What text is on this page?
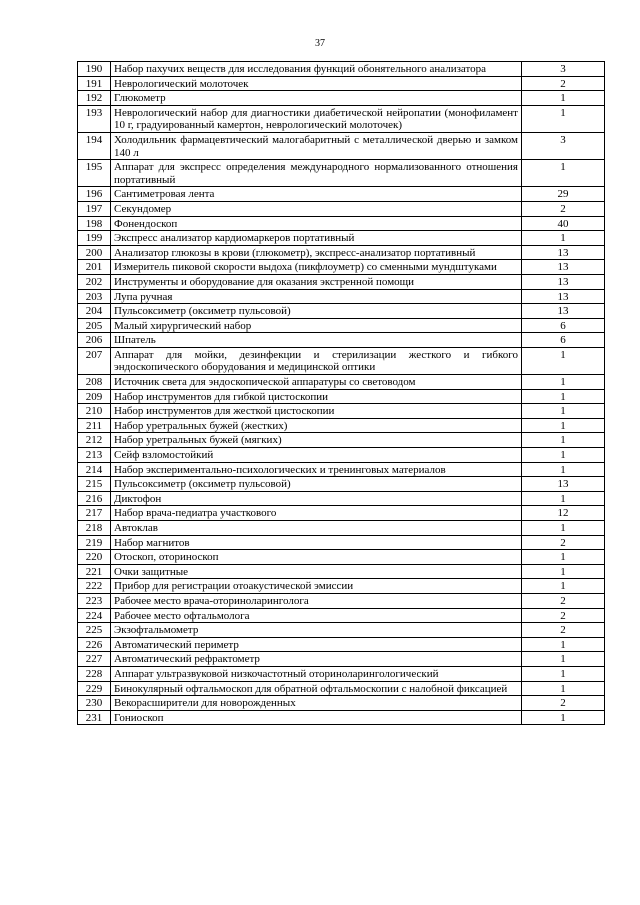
37
190	Набор пахучих веществ для исследования функций обонятельного анализатора	3
191	Неврологический молоточек	2
192	Глюкометр	1
193	Неврологический набор для диагностики диабетической нейропатии (монофиламент 10 г, градуированный камертон, неврологический молоточек)	1
194	Холодильник фармацевтический малогабаритный с металлической дверью и замком 140 л	3
195	Аппарат для экспресс определения международного нормализованного отношения портативный	1
196	Сантиметровая лента	29
197	Секундомер	2
198	Фонендоскоп	40
199	Экспресс анализатор кардиомаркеров портативный	1
200	Анализатор глюкозы в крови (глюкометр), экспресс-анализатор портативный	13
201	Измеритель пиковой скорости выдоха (пикфлоуметр) со сменными мундштуками	13
202	Инструменты и оборудование для оказания экстренной помощи	13
203	Лупа ручная	13
204	Пульсоксиметр (оксиметр пульсовой)	13
205	Малый хирургический набор	6
206	Шпатель	6
207	Аппарат для мойки, дезинфекции и стерилизации жесткого и гибкого эндоскопического оборудования и медицинской оптики	1
208	Источник света для эндоскопической аппаратуры со световодом	1
209	Набор инструментов для гибкой цистоскопии	1
210	Набор инструментов для жесткой цистоскопии	1
211	Набор уретральных бужей (жестких)	1
212	Набор уретральных бужей (мягких)	1
213	Сейф взломостойкий	1
214	Набор экспериментально-психологических и тренинговых материалов	1
215	Пульсоксиметр (оксиметр пульсовой)	13
216	Диктофон	1
217	Набор врача-педиатра участкового	12
218	Автоклав	1
219	Набор магнитов	2
220	Отоскоп, оториноскоп	1
221	Очки защитные	1
222	Прибор для регистрации отоакустической эмиссии	1
223	Рабочее место врача-оториноларинголога	2
224	Рабочее место офтальмолога	2
225	Экзофтальмометр	2
226	Автоматический периметр	1
227	Автоматический рефрактометр	1
228	Аппарат ультразвуковой низкочастотный оториноларингологический	1
229	Бинокулярный офтальмоскоп для обратной офтальмоскопии с налобной фиксацией	1
230	Векорасширители для новорожденных	2
231	Гониоскоп	1
